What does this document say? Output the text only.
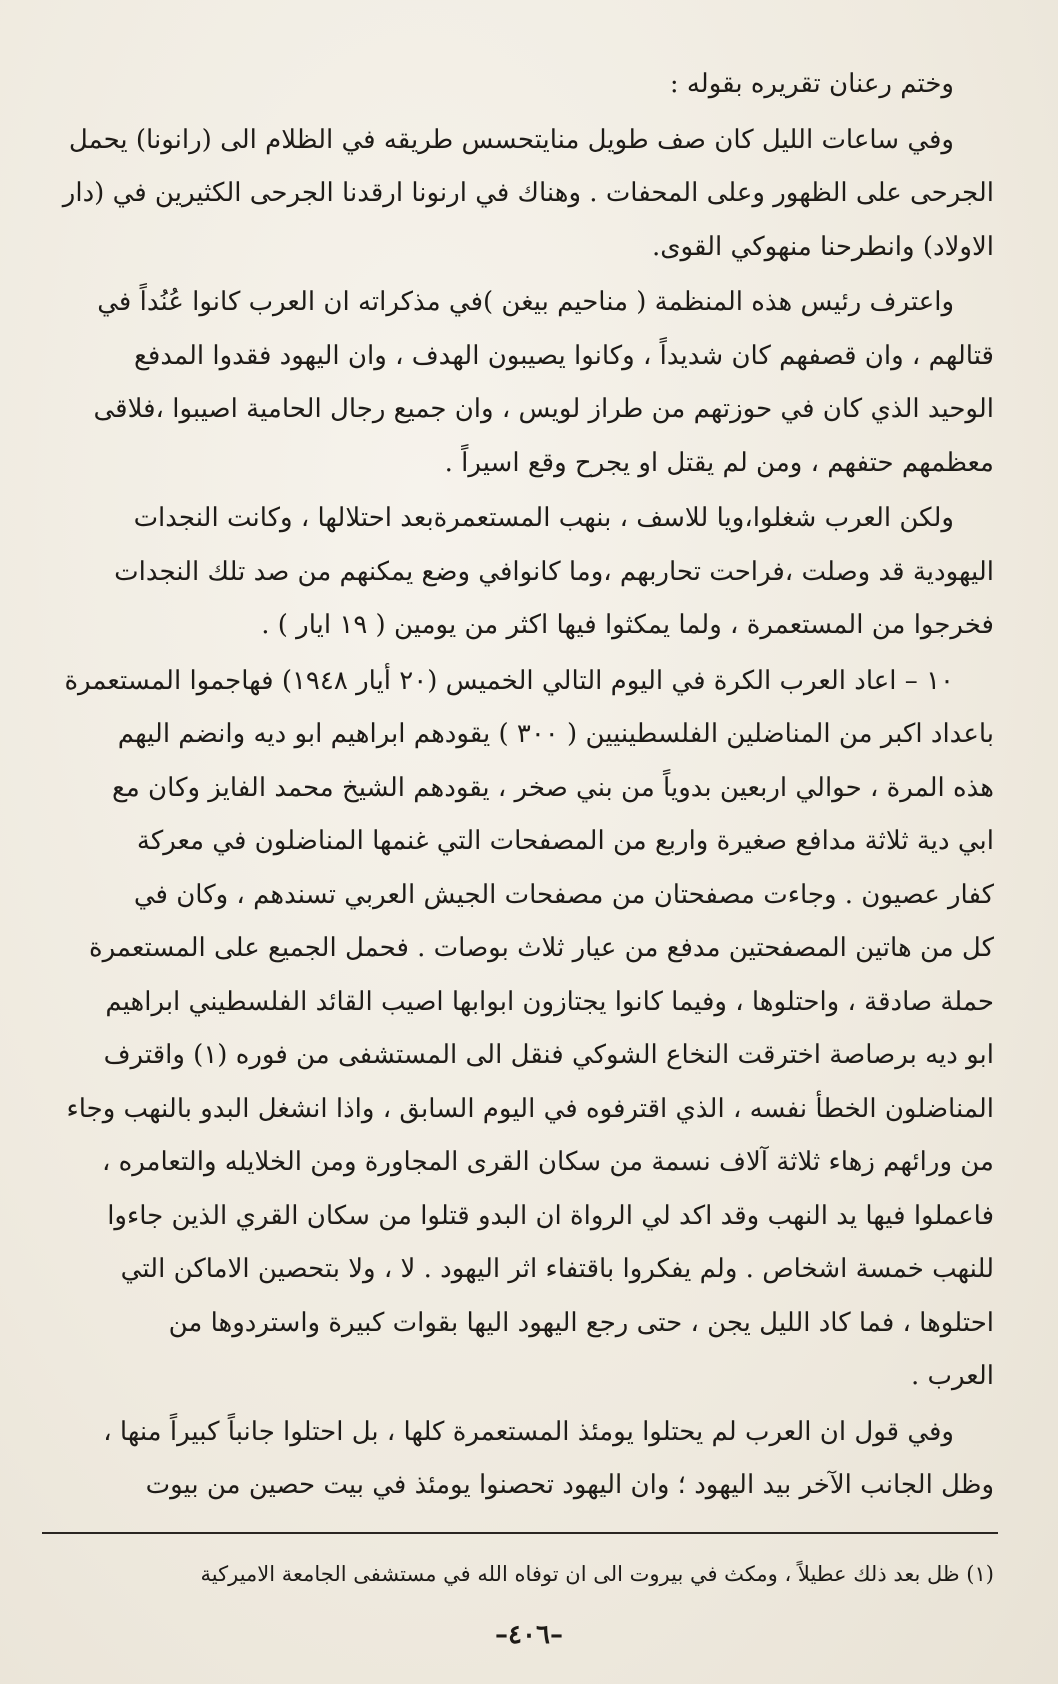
وختم رعنان تقريره بقوله :

وفي ساعات الليل كان صف طويل منايتحسس طريقه في الظلام الى (رانونا) يحمل
الجرحى على الظهور وعلى المحفات . وهناك في ارنونا ارقدنا الجرحى الكثيرين في (دار
الاولاد) وانطرحنا منهوكي القوى.

واعترف رئيس هذه المنظمة ( مناحيم بيغن )في مذكراته ان العرب كانوا عُنُداً في
قتالهم ، وان قصفهم كان شديداً ، وكانوا يصيبون الهدف ، وان اليهود فقدوا المدفع
الوحيد الذي كان في حوزتهم من طراز لويس ، وان جميع رجال الحامية اصيبوا ،فلاقى
معظمهم حتفهم ، ومن لم يقتل او يجرح وقع اسيراً .

ولكن العرب شغلوا،ويا للاسف ، بنهب المستعمرةبعد احتلالها ، وكانت النجدات
اليهودية قد وصلت ،فراحت تحاربهم ،وما كانوافي وضع يمكنهم من صد تلك النجدات
فخرجوا من المستعمرة ، ولما يمكثوا فيها اكثر من يومين ( ١٩ ايار ) .

١٠ – اعاد العرب الكرة في اليوم التالي الخميس (٢٠ أيار ١٩٤٨) فهاجموا المستعمرة
باعداد اكبر من المناضلين الفلسطينيين ( ٣٠٠ ) يقودهم ابراهيم ابو ديه وانضم اليهم
هذه المرة ، حوالي اربعين بدوياً من بني صخر ، يقودهم الشيخ محمد الفايز وكان مع
ابي دية ثلاثة مدافع صغيرة واربع من المصفحات التي غنمها المناضلون في معركة
كفار عصيون . وجاءت مصفحتان من مصفحات الجيش العربي تسندهم ، وكان في
كل من هاتين المصفحتين مدفع من عيار ثلاث بوصات . فحمل الجميع على المستعمرة
حملة صادقة ، واحتلوها ، وفيما كانوا يجتازون ابوابها اصيب القائد الفلسطيني ابراهيم
ابو ديه برصاصة اخترقت النخاع الشوكي فنقل الى المستشفى من فوره (١) واقترف
المناضلون الخطأ نفسه ، الذي اقترفوه في اليوم السابق ، واذا انشغل البدو بالنهب وجاء
من ورائهم زهاء ثلاثة آلاف نسمة من سكان القرى المجاورة ومن الخلايله والتعامره ،
فاعملوا فيها يد النهب وقد اكد لي الرواة ان البدو قتلوا من سكان القري الذين جاءوا
للنهب خمسة اشخاص . ولم يفكروا باقتفاء اثر اليهود . لا ، ولا بتحصين الاماكن التي
احتلوها ، فما كاد الليل يجن ، حتى رجع اليهود اليها بقوات كبيرة واستردوها من
العرب .

وفي قول ان العرب لم يحتلوا يومئذ المستعمرة كلها ، بل احتلوا جانباً كبيراً منها ،
وظل الجانب الآخر بيد اليهود ؛ وان اليهود تحصنوا يومئذ في بيت حصين من بيوت

(١) ظل بعد ذلك عطيلاً ، ومكث في بيروت الى ان توفاه الله في مستشفى الجامعة الاميركية
–٤٠٦–
